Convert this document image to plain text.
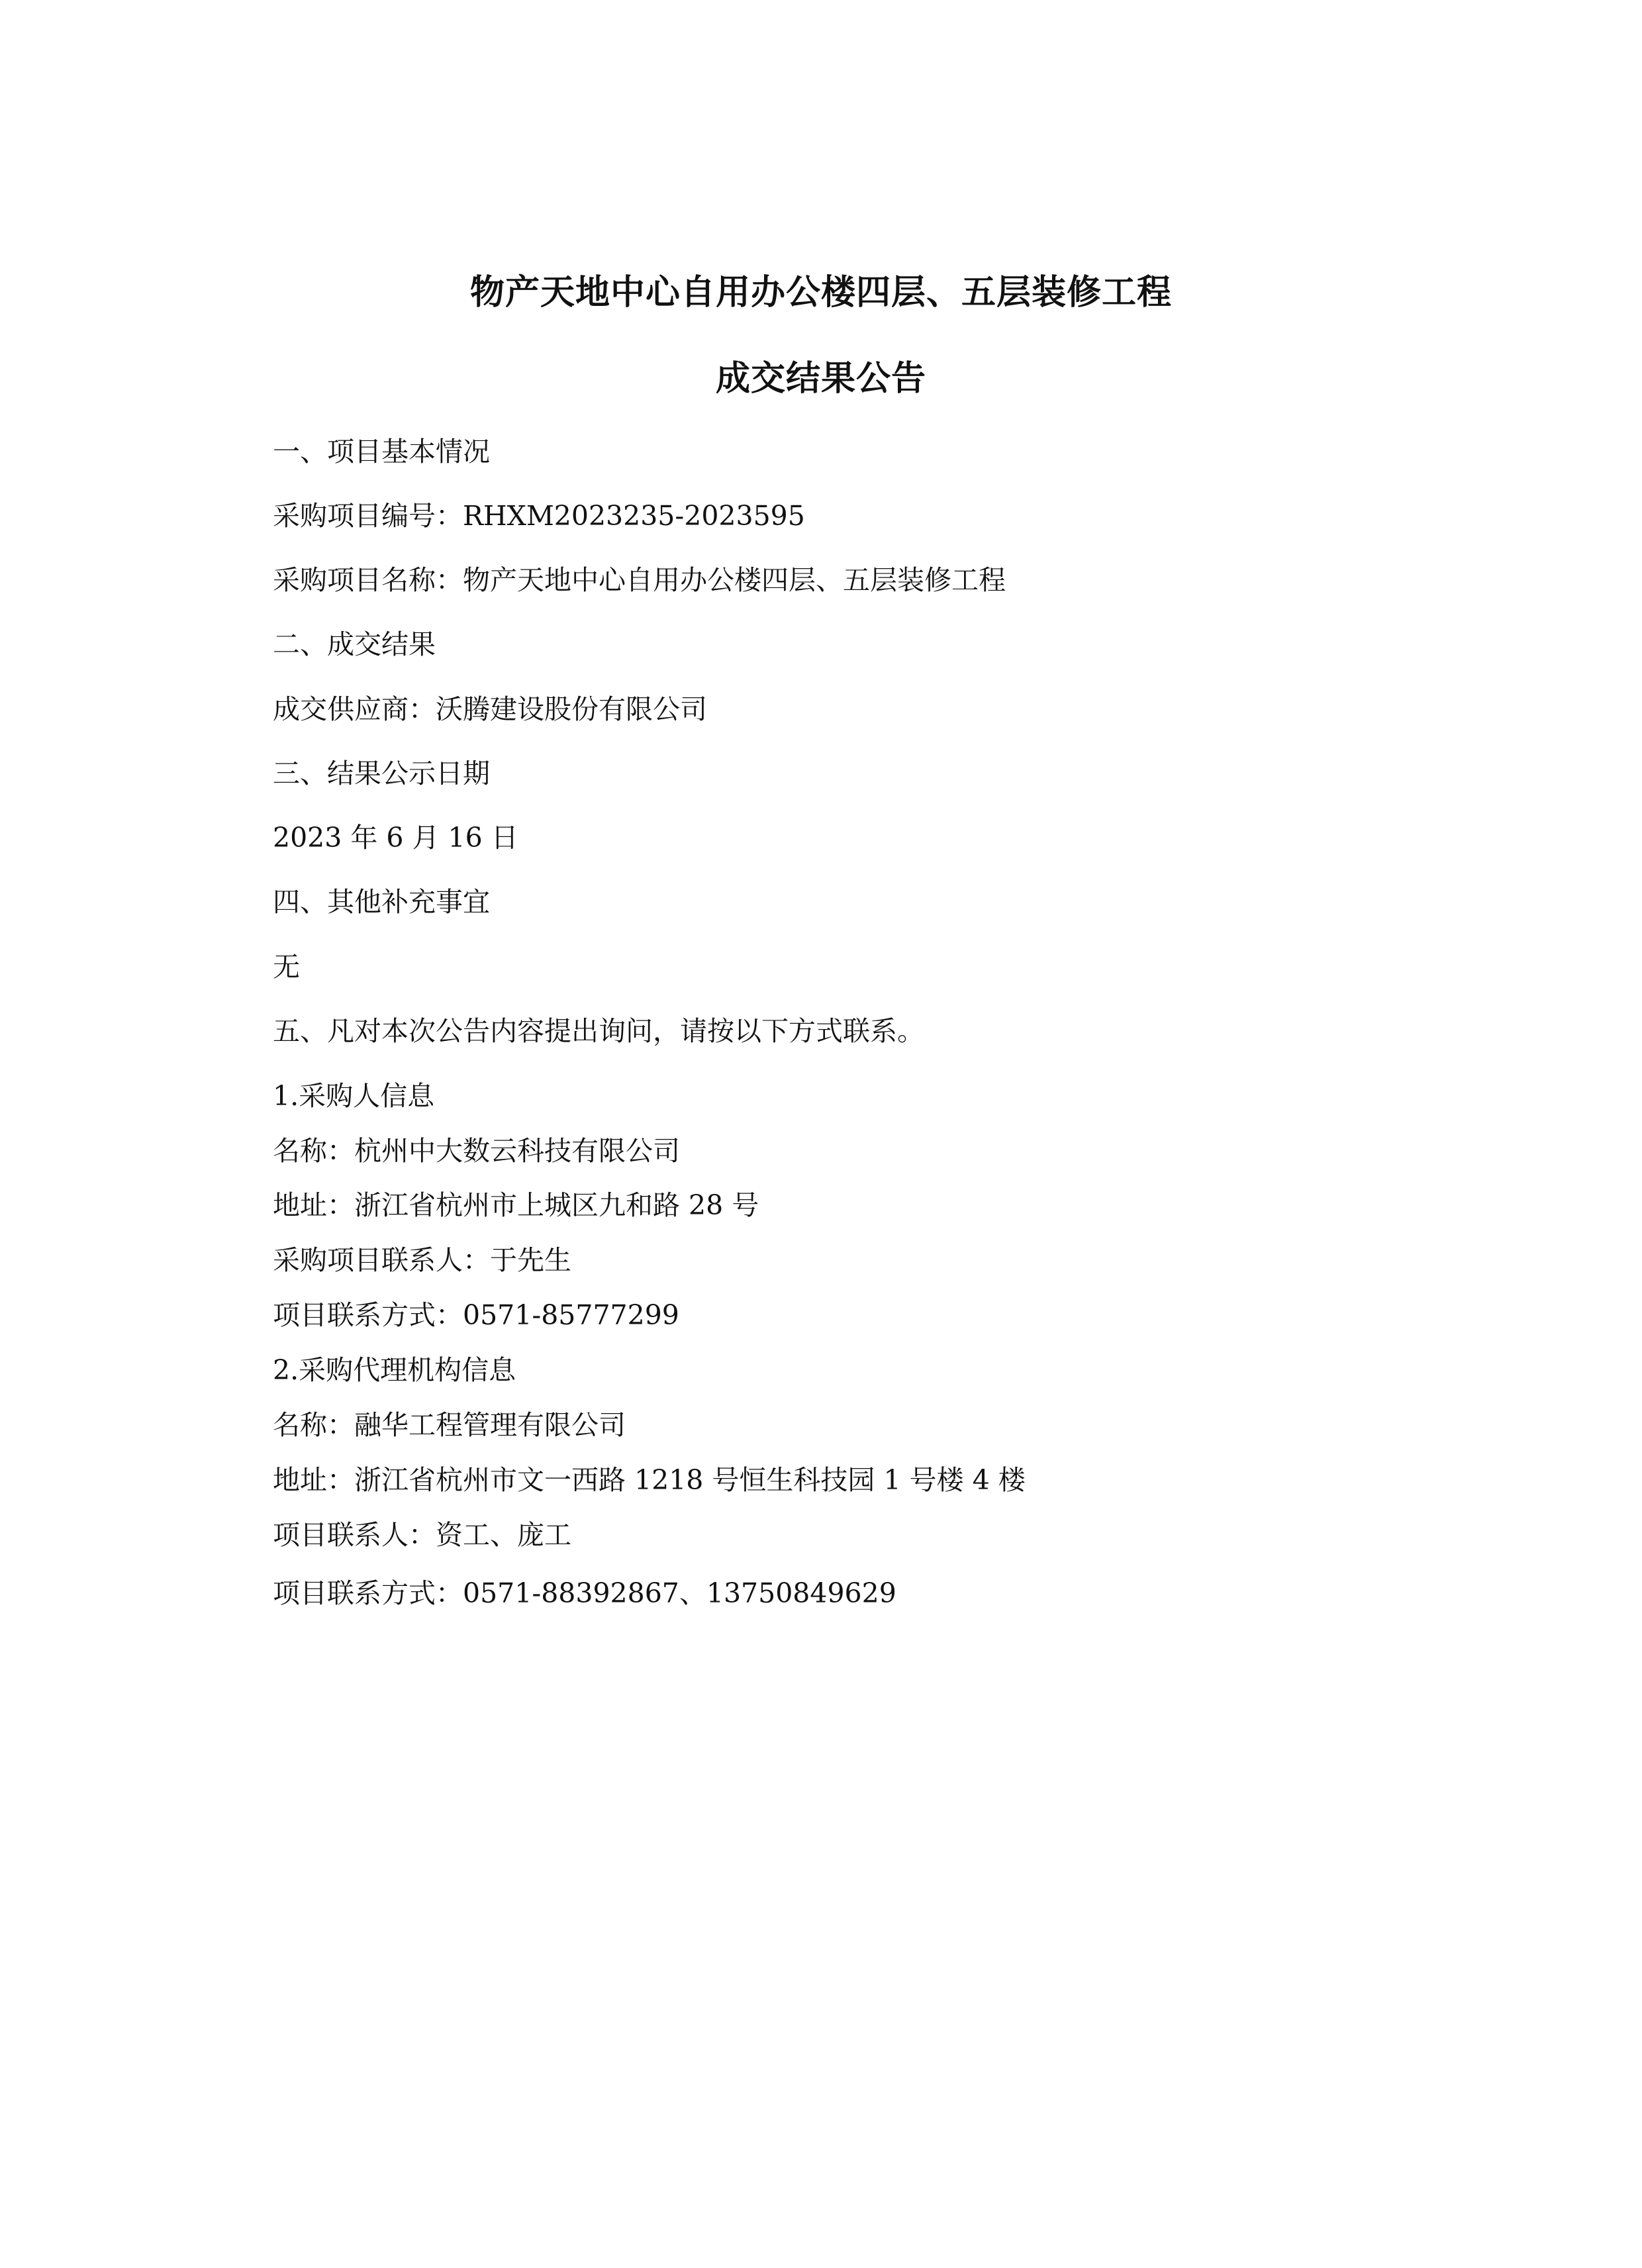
物产天地中心自用办公楼四层、五层装修工程
成交结果公告

一、项目基本情况

采购项目编号：RHXM2023235-2023595

采购项目名称：物产天地中心自用办公楼四层、五层装修工程

二、成交结果

成交供应商：沃腾建设股份有限公司

三、结果公示日期

2023 年 6 月 16 日

四、其他补充事宜

无

五、凡对本次公告内容提出询问，请按以下方式联系。

1.采购人信息

名称：杭州中大数云科技有限公司

地址：浙江省杭州市上城区九和路 28 号

采购项目联系人：于先生

项目联系方式：0571-85777299

2.采购代理机构信息

名称：融华工程管理有限公司

地址：浙江省杭州市文一西路 1218 号恒生科技园 1 号楼 4 楼

项目联系人：资工、庞工

项目联系方式：0571-88392867、13750849629
